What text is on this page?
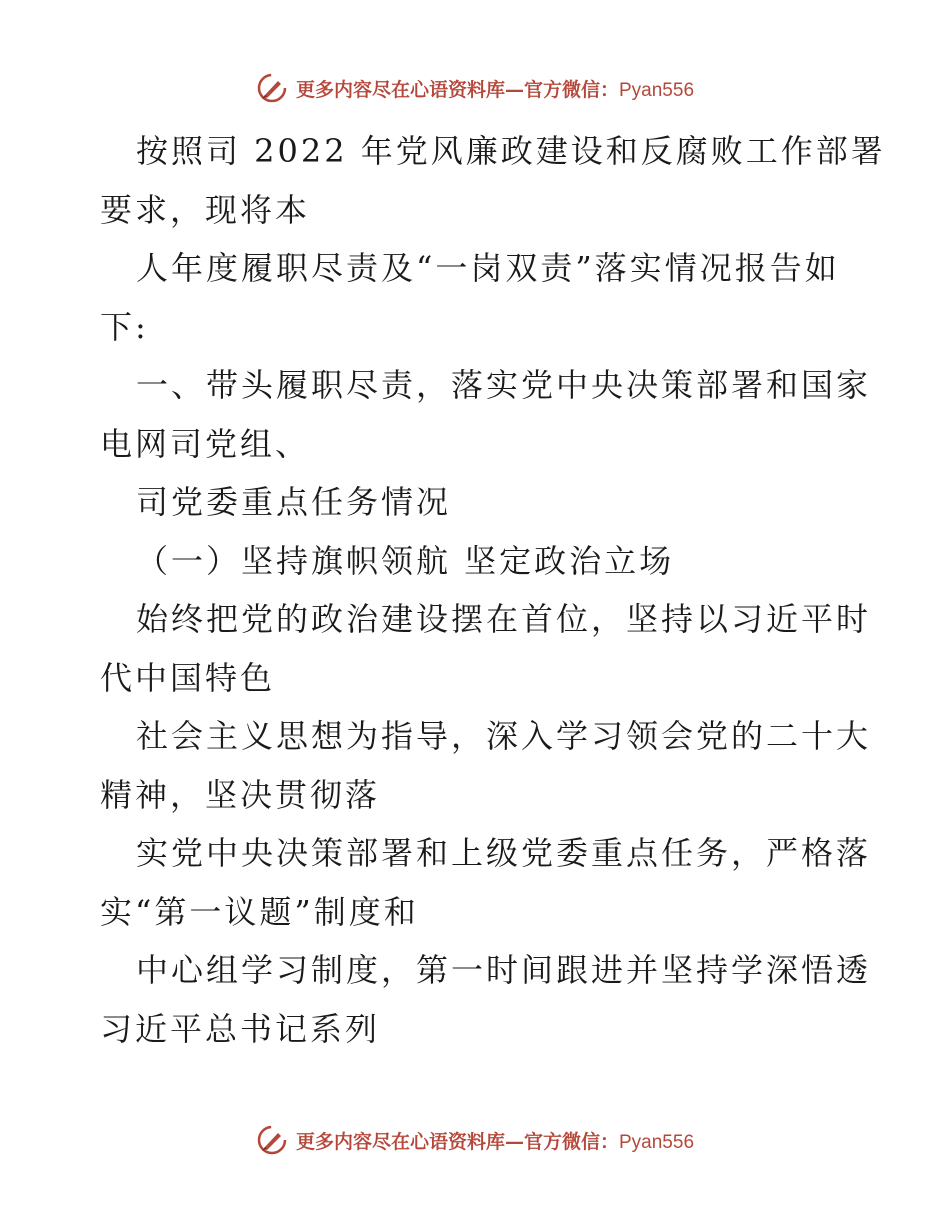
更多内容尽在心语资料库—官方微信：Pyan556
按照司 2022 年党风廉政建设和反腐败工作部署
要求，现将本
人年度履职尽责及“一岗双责”落实情况报告如
下:
一、带头履职尽责，落实党中央决策部署和国家
电网司党组、
司党委重点任务情况
（一）坚持旗帜领航 坚定政治立场
始终把党的政治建设摆在首位，坚持以习近平时
代中国特色
社会主义思想为指导，深入学习领会党的二十大
精神，坚决贯彻落
实党中央决策部署和上级党委重点任务，严格落
实“第一议题”制度和
中心组学习制度，第一时间跟进并坚持学深悟透
习近平总书记系列
更多内容尽在心语资料库—官方微信：Pyan556
